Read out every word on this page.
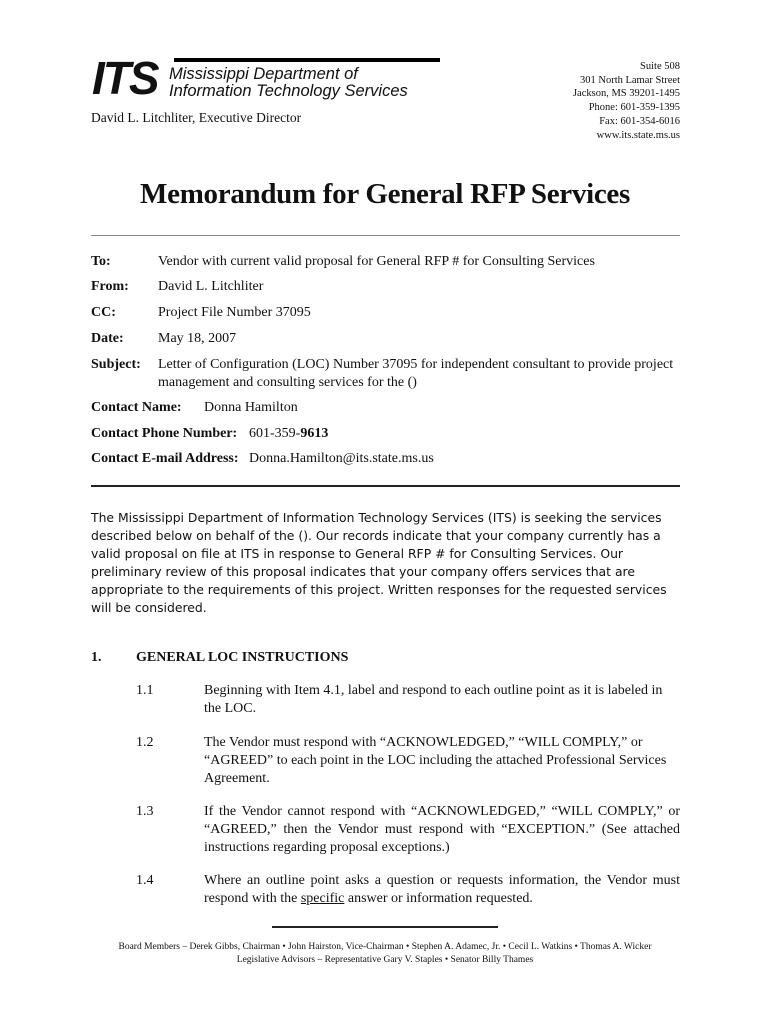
ITS Mississippi Department of
Information Technology Services
David L. Litchliter, Executive Director
Suite 508
301 North Lamar Street
Jackson, MS 39201-1495
Phone: 601-359-1395
Fax: 601-354-6016
www.its.state.ms.us
Memorandum for General RFP Services
To:	Vendor with current valid proposal for General RFP # for Consulting Services
From: David L. Litchliter
CC:	Project File Number 37095
Date: May 18, 2007
Subject: Letter of Configuration (LOC) Number 37095 for independent consultant to provide project
management and consulting services for the ()
Contact Name: Donna Hamilton
Contact Phone Number: 601-359-9613
Contact E-mail Address: Donna.Hamilton@its.state.ms.us
The Mississippi Department of Information Technology Services (ITS) is seeking the services described below on behalf of the (). Our records indicate that your company currently has a valid proposal on file at ITS in response to General RFP # for Consulting Services. Our preliminary review of this proposal indicates that your company offers services that are appropriate to the requirements of this project. Written responses for the requested services will be considered.
1. GENERAL LOC INSTRUCTIONS
1.1	Beginning with Item 4.1, label and respond to each outline point as it is labeled in the LOC.
1.2	The Vendor must respond with “ACKNOWLEDGED,” “WILL COMPLY,” or “AGREED” to each point in the LOC including the attached Professional Services Agreement.
1.3	If the Vendor cannot respond with “ACKNOWLEDGED,” “WILL COMPLY,” or “AGREED,” then the Vendor must respond with “EXCEPTION.” (See attached instructions regarding proposal exceptions.)
1.4	Where an outline point asks a question or requests information, the Vendor must respond with the specific answer or information requested.
Board Members – Derek Gibbs, Chairman • John Hairston, Vice-Chairman • Stephen A. Adamec, Jr. • Cecil L. Watkins • Thomas A. Wicker
Legislative Advisors – Representative Gary V. Staples • Senator Billy Thames
